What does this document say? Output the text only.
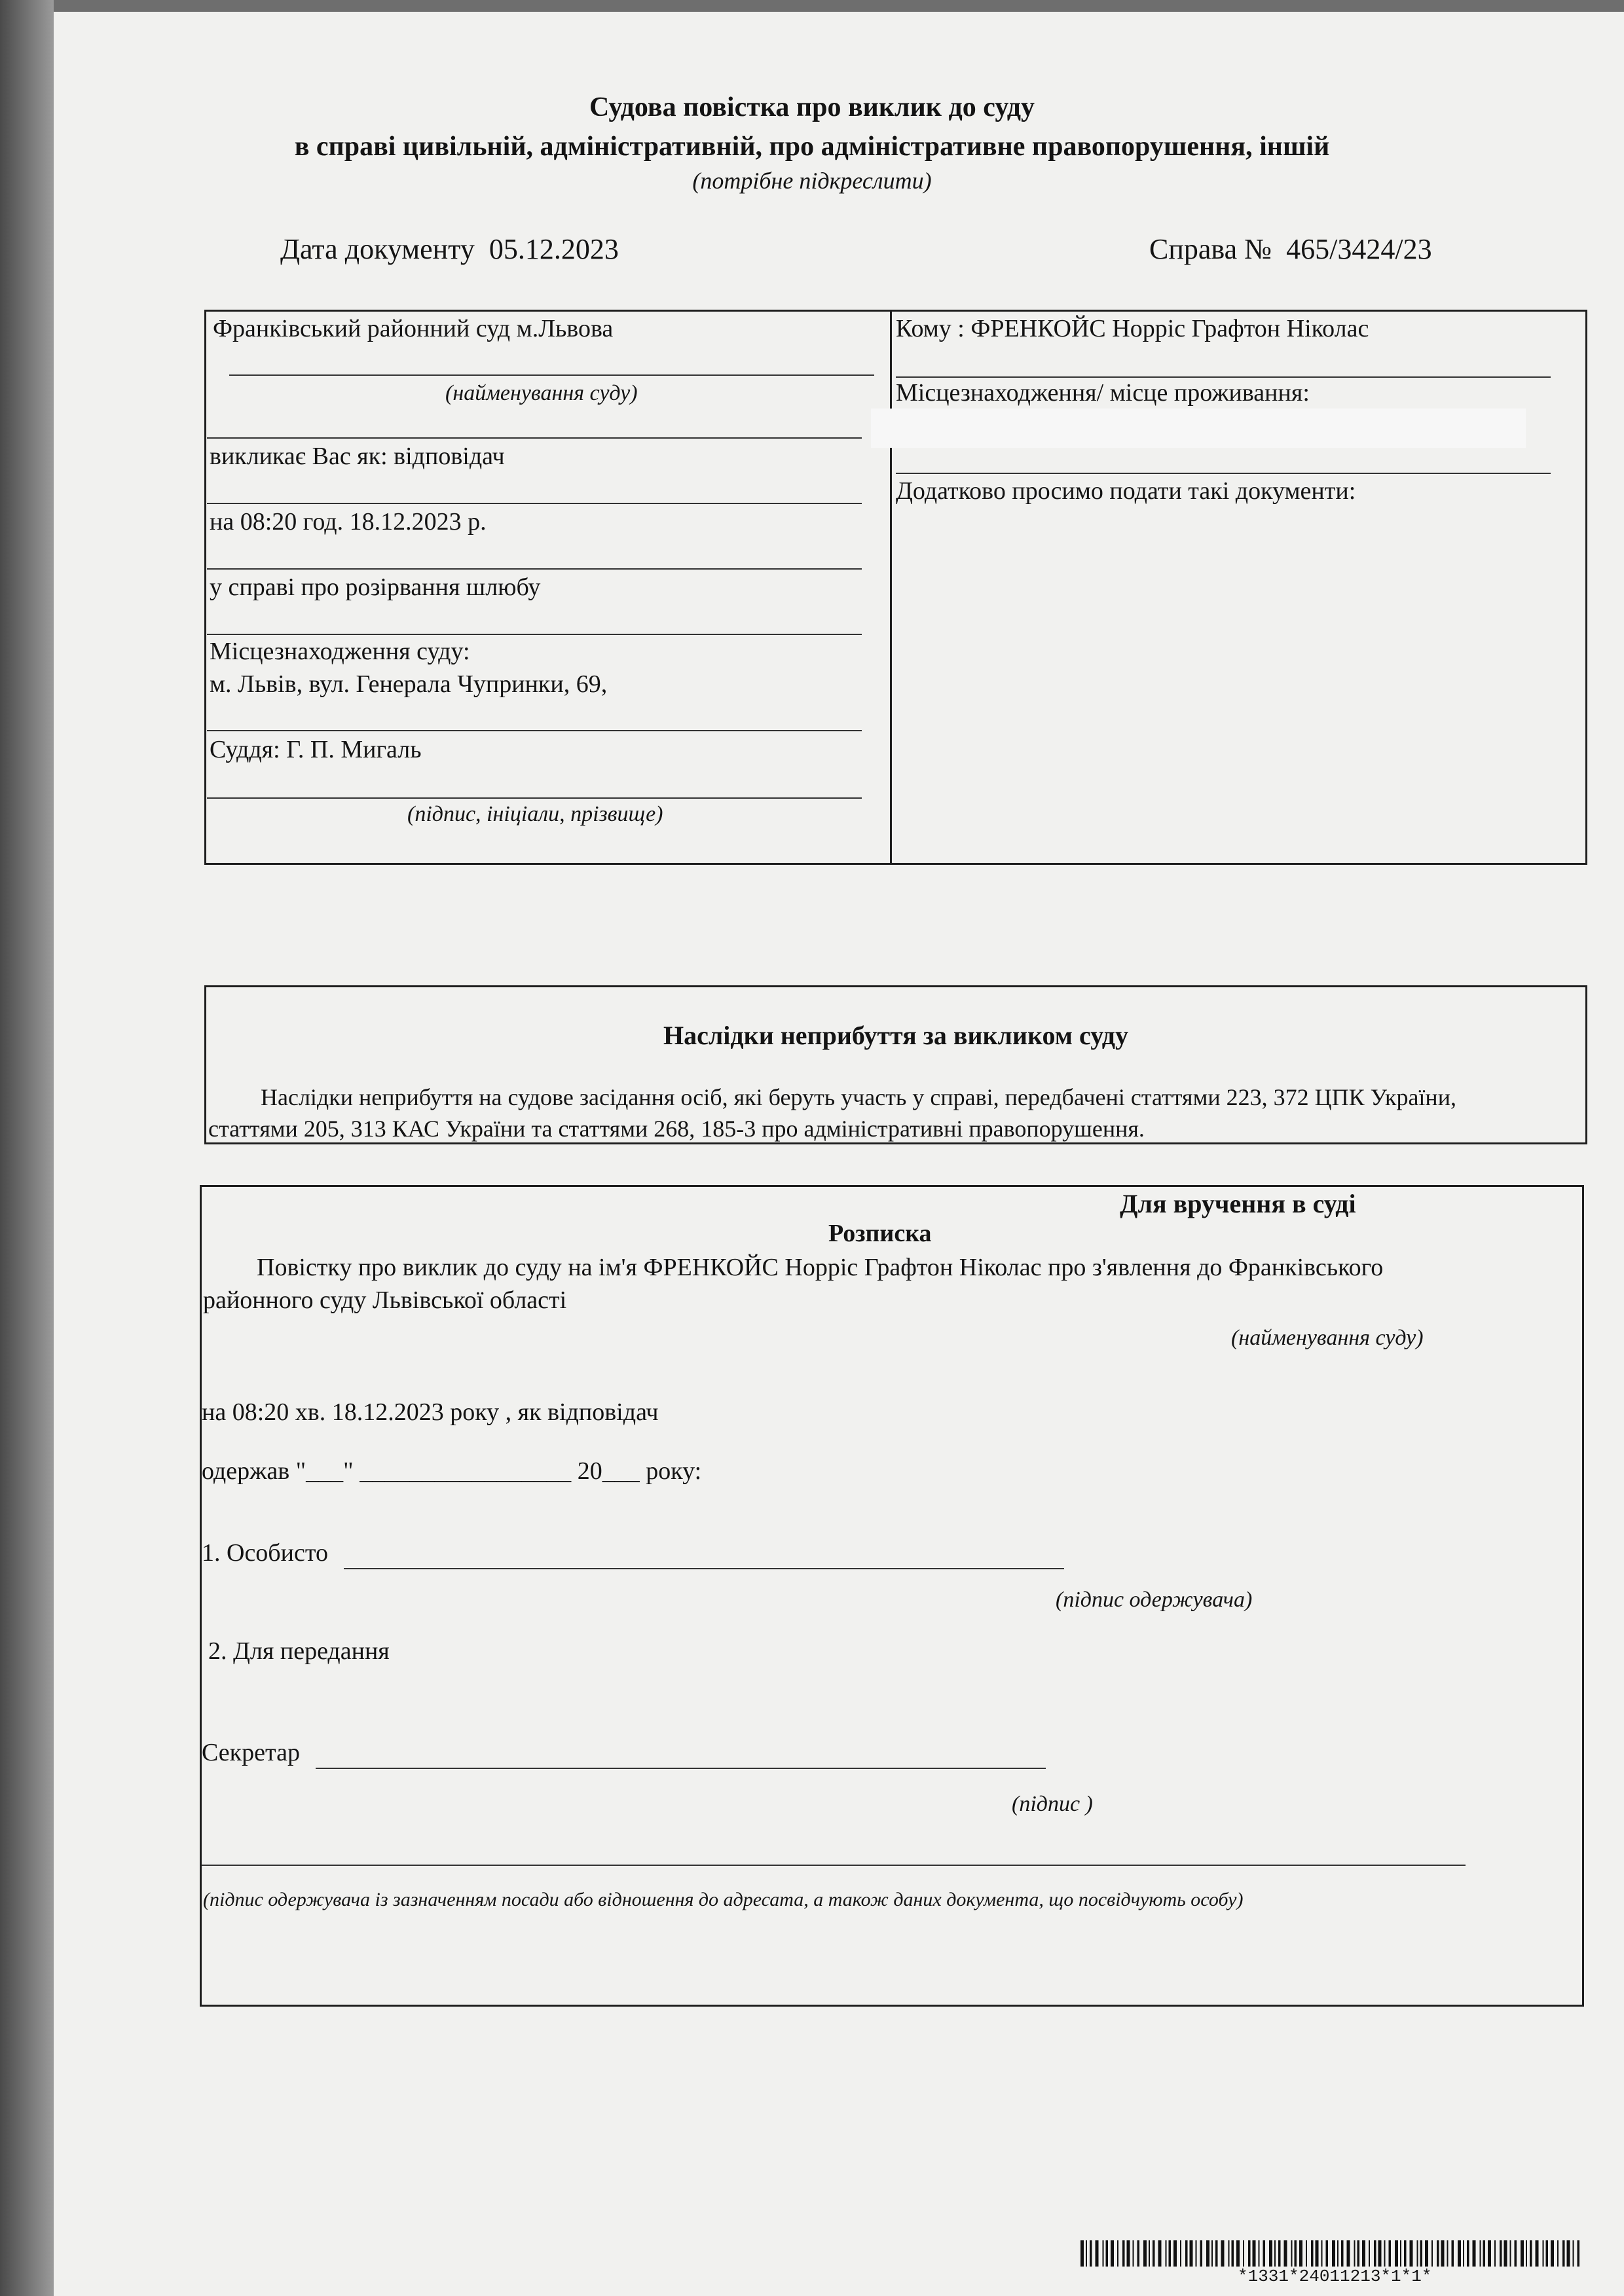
Судова повістка про виклик до суду
в справі цивільній, адміністративній, про адміністративне правопорушення, іншій
(потрібне підкреслити)
Дата документу 05.12.2023	Справа № 465/3424/23
Франківський районний суд м.Львова
(найменування суду)
викликає Вас як: відповідач
на 08:20 год. 18.12.2023 р.
у справі про розірвання шлюбу
Місцезнаходження суду:
м. Львів, вул. Генерала Чупринки, 69,
Суддя: Г. П. Мигаль
(підпис, ініціали, прізвище)
Кому : ФРЕНКОЙС Норріс Графтон Ніколас
Місцезнаходження/ місце проживання:
Додатково просимо подати такі документи:
Наслідки неприбуття за викликом суду
Наслідки неприбуття на судове засідання осіб, які беруть участь у справі, передбачені статтями 223, 372 ЦПК України,
статтями 205, 313 КАС України та статтями 268, 185-3 про адміністративні правопорушення.
Для вручення в суді
Розписка
Повістку про виклик до суду на ім'я ФРЕНКОЙС Норріс Графтон Ніколас про з'явлення до Франківського
районного суду Львівської області
(найменування суду)
на 08:20 хв. 18.12.2023 року , як відповідач
одержав "___" _________________ 20___ року:
1. Особисто
(підпис одержувача)
2. Для передання
Секретар
(підпис )
(підпис одержувача із зазначенням посади або відношення до адресата, а також даних документа, що посвідчують особу)
*1331*24011213*1*1*
